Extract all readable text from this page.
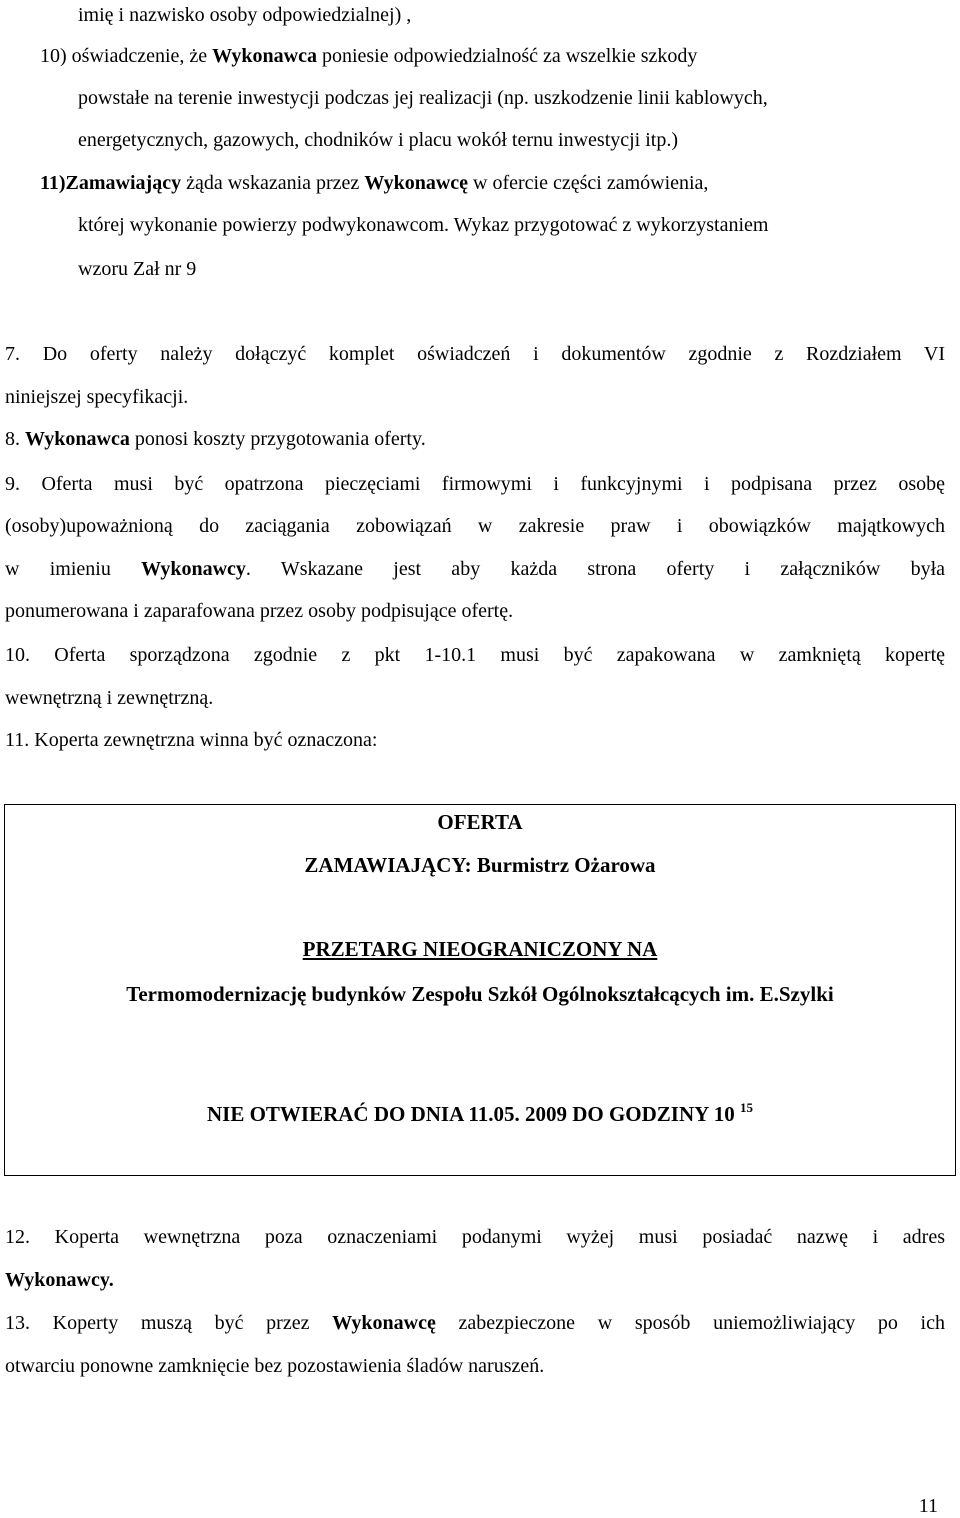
imię i nazwisko osoby odpowiedzialnej) ,
10) oświadczenie, że Wykonawca poniesie odpowiedzialność za wszelkie szkody
powstałe na terenie inwestycji podczas jej realizacji (np. uszkodzenie linii kablowych,
energetycznych, gazowych, chodników i placu wokół ternu inwestycji itp.)
11)Zamawiający żąda wskazania przez Wykonawcę w ofercie części zamówienia,
której wykonanie powierzy podwykonawcom. Wykaz przygotować z wykorzystaniem
wzoru Zał nr 9
7. Do oferty należy dołączyć komplet oświadczeń i dokumentów zgodnie z Rozdziałem VI
niniejszej specyfikacji.
8. Wykonawca ponosi koszty przygotowania oferty.
9. Oferta musi być opatrzona pieczęciami firmowymi i funkcyjnymi i podpisana przez osobę
(osoby)upoważnioną do zaciągania zobowiązań w zakresie praw i obowiązków majątkowych
w imieniu Wykonawcy. Wskazane jest aby każda strona oferty i załączników była
ponumerowana i zaparafowana przez osoby podpisujące ofertę.
10. Oferta sporządzona zgodnie z pkt 1-10.1 musi być zapakowana w zamkniętą kopertę
wewnętrzną i zewnętrzną.
11. Koperta zewnętrzna winna być oznaczona:
OFERTA
ZAMAWIAJĄCY: Burmistrz Ożarowa
PRZETARG NIEOGRANICZONY NA
Termomodernizację budynków Zespołu Szkół Ogólnokształcących im. E.Szylki
NIE OTWIERAĆ DO DNIA 11.05. 2009 DO GODZINY 10 $^{15}$
12. Koperta wewnętrzna poza oznaczeniami podanymi wyżej musi posiadać nazwę i adres
Wykonawcy.
13. Koperty muszą być przez Wykonawcę zabezpieczone w sposób uniemożliwiający po ich
otwarciu ponowne zamknięcie bez pozostawienia śladów naruszeń.
11
